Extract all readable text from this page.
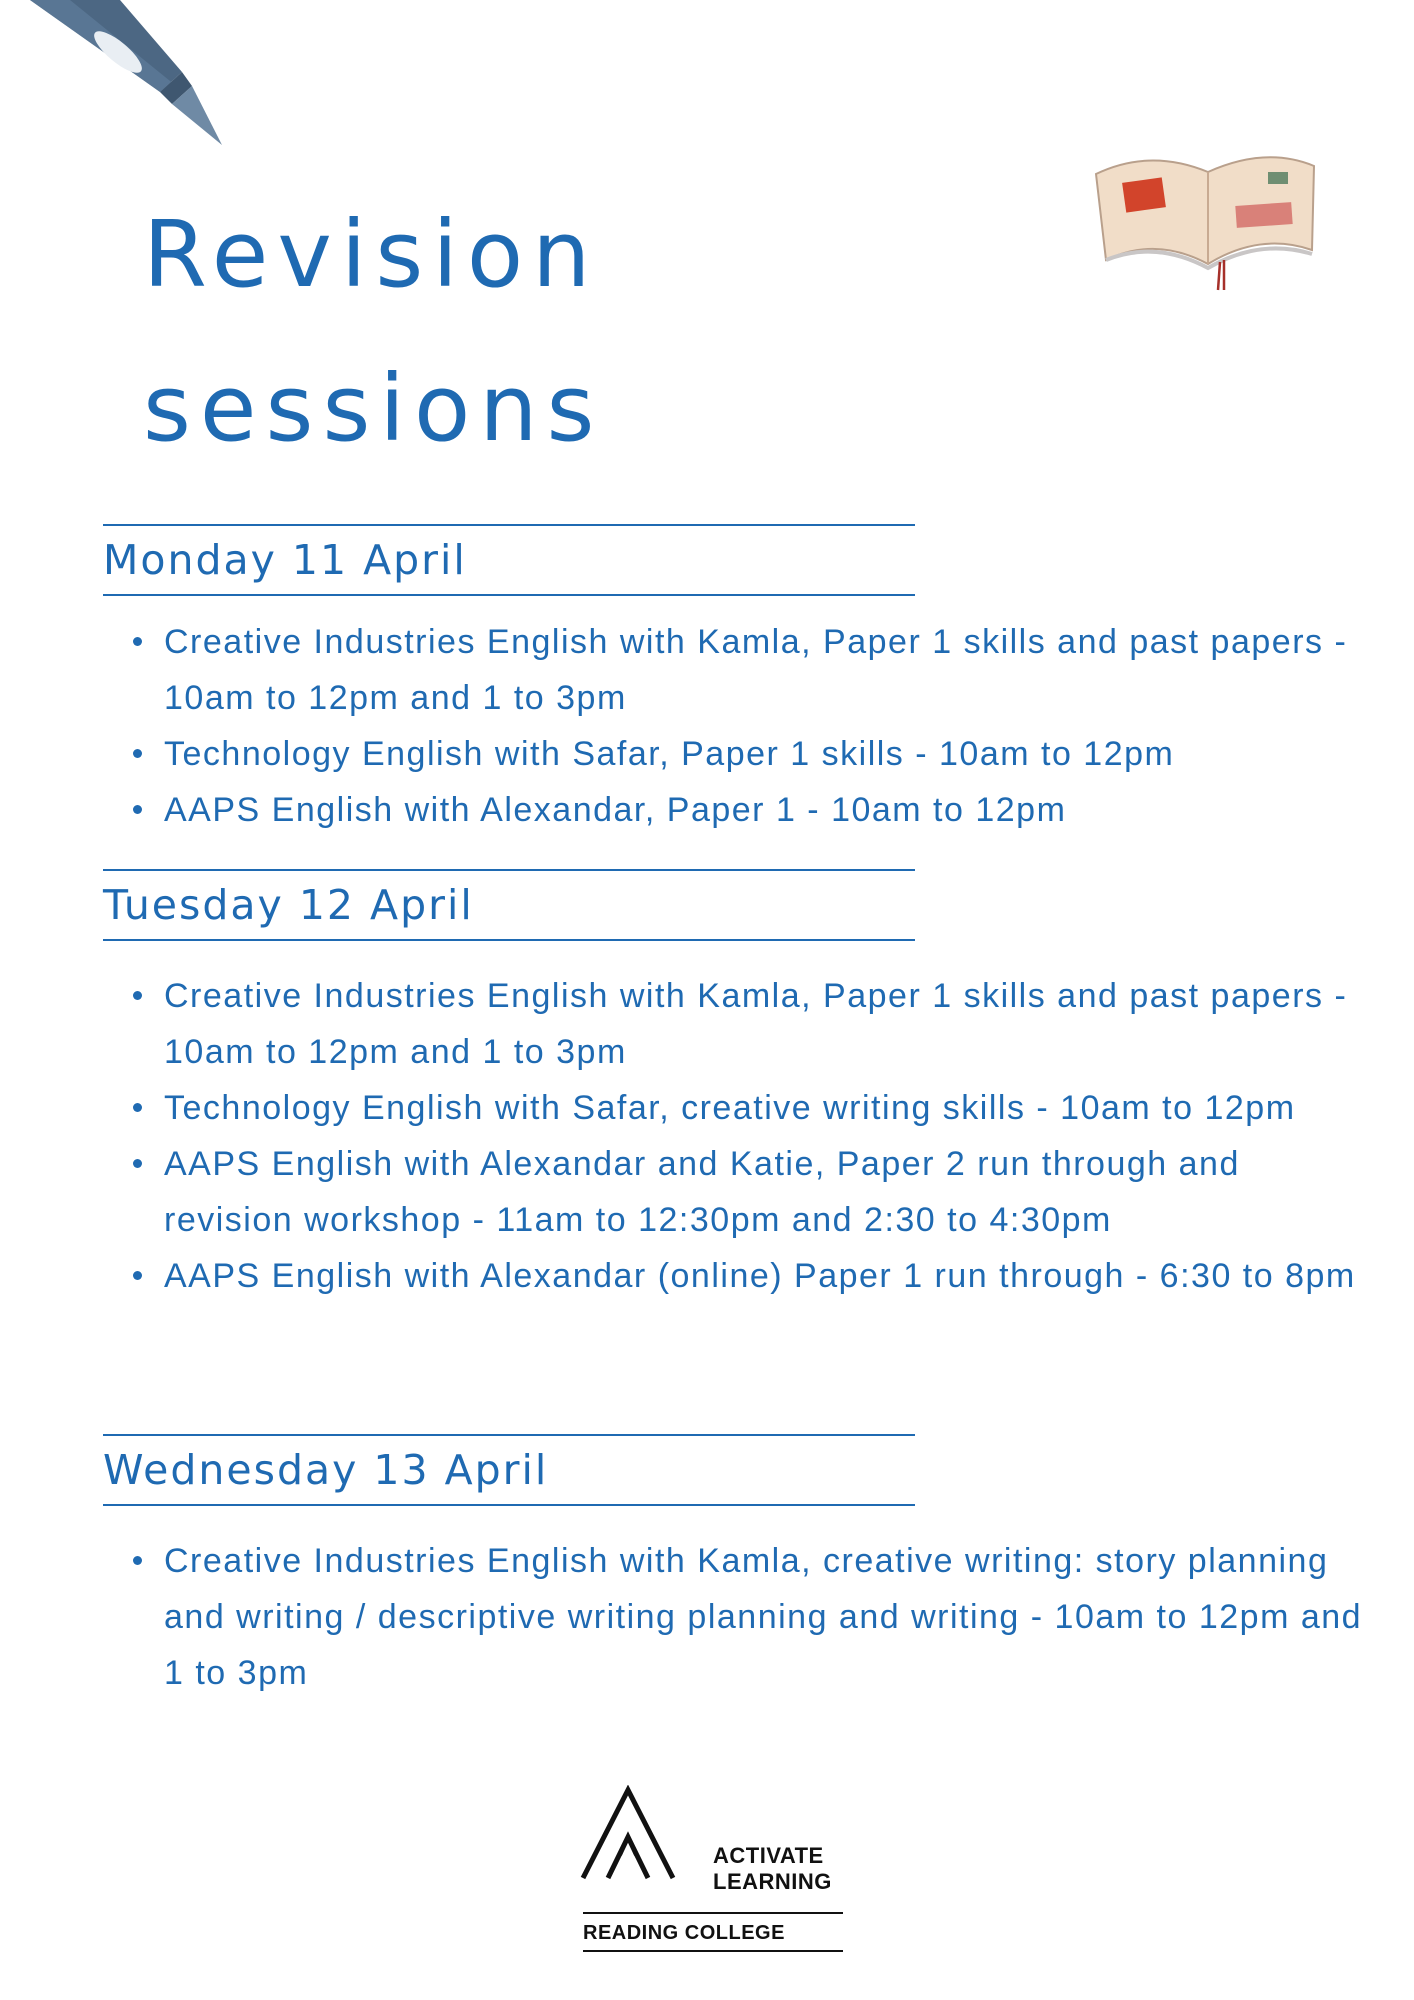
Revision
sessions
Monday 11 April
Creative Industries English with Kamla, Paper 1 skills and past papers - 10am to 12pm and 1 to 3pm
Technology English with Safar, Paper 1 skills - 10am to 12pm
AAPS English with Alexandar, Paper 1 - 10am to 12pm
Tuesday 12 April
Creative Industries English with Kamla, Paper 1 skills and past papers - 10am to 12pm and 1 to 3pm
Technology English with Safar, creative writing skills - 10am to 12pm
AAPS English with Alexandar and Katie, Paper 2 run through and revision workshop - 11am to 12:30pm and 2:30 to 4:30pm
AAPS English with Alexandar (online) Paper 1 run through - 6:30 to 8pm
Wednesday 13 April
Creative Industries English with Kamla, creative writing: story planning and writing / descriptive writing planning and writing - 10am to 12pm and 1 to 3pm
ACTIVATE
LEARNING
READING COLLEGE
